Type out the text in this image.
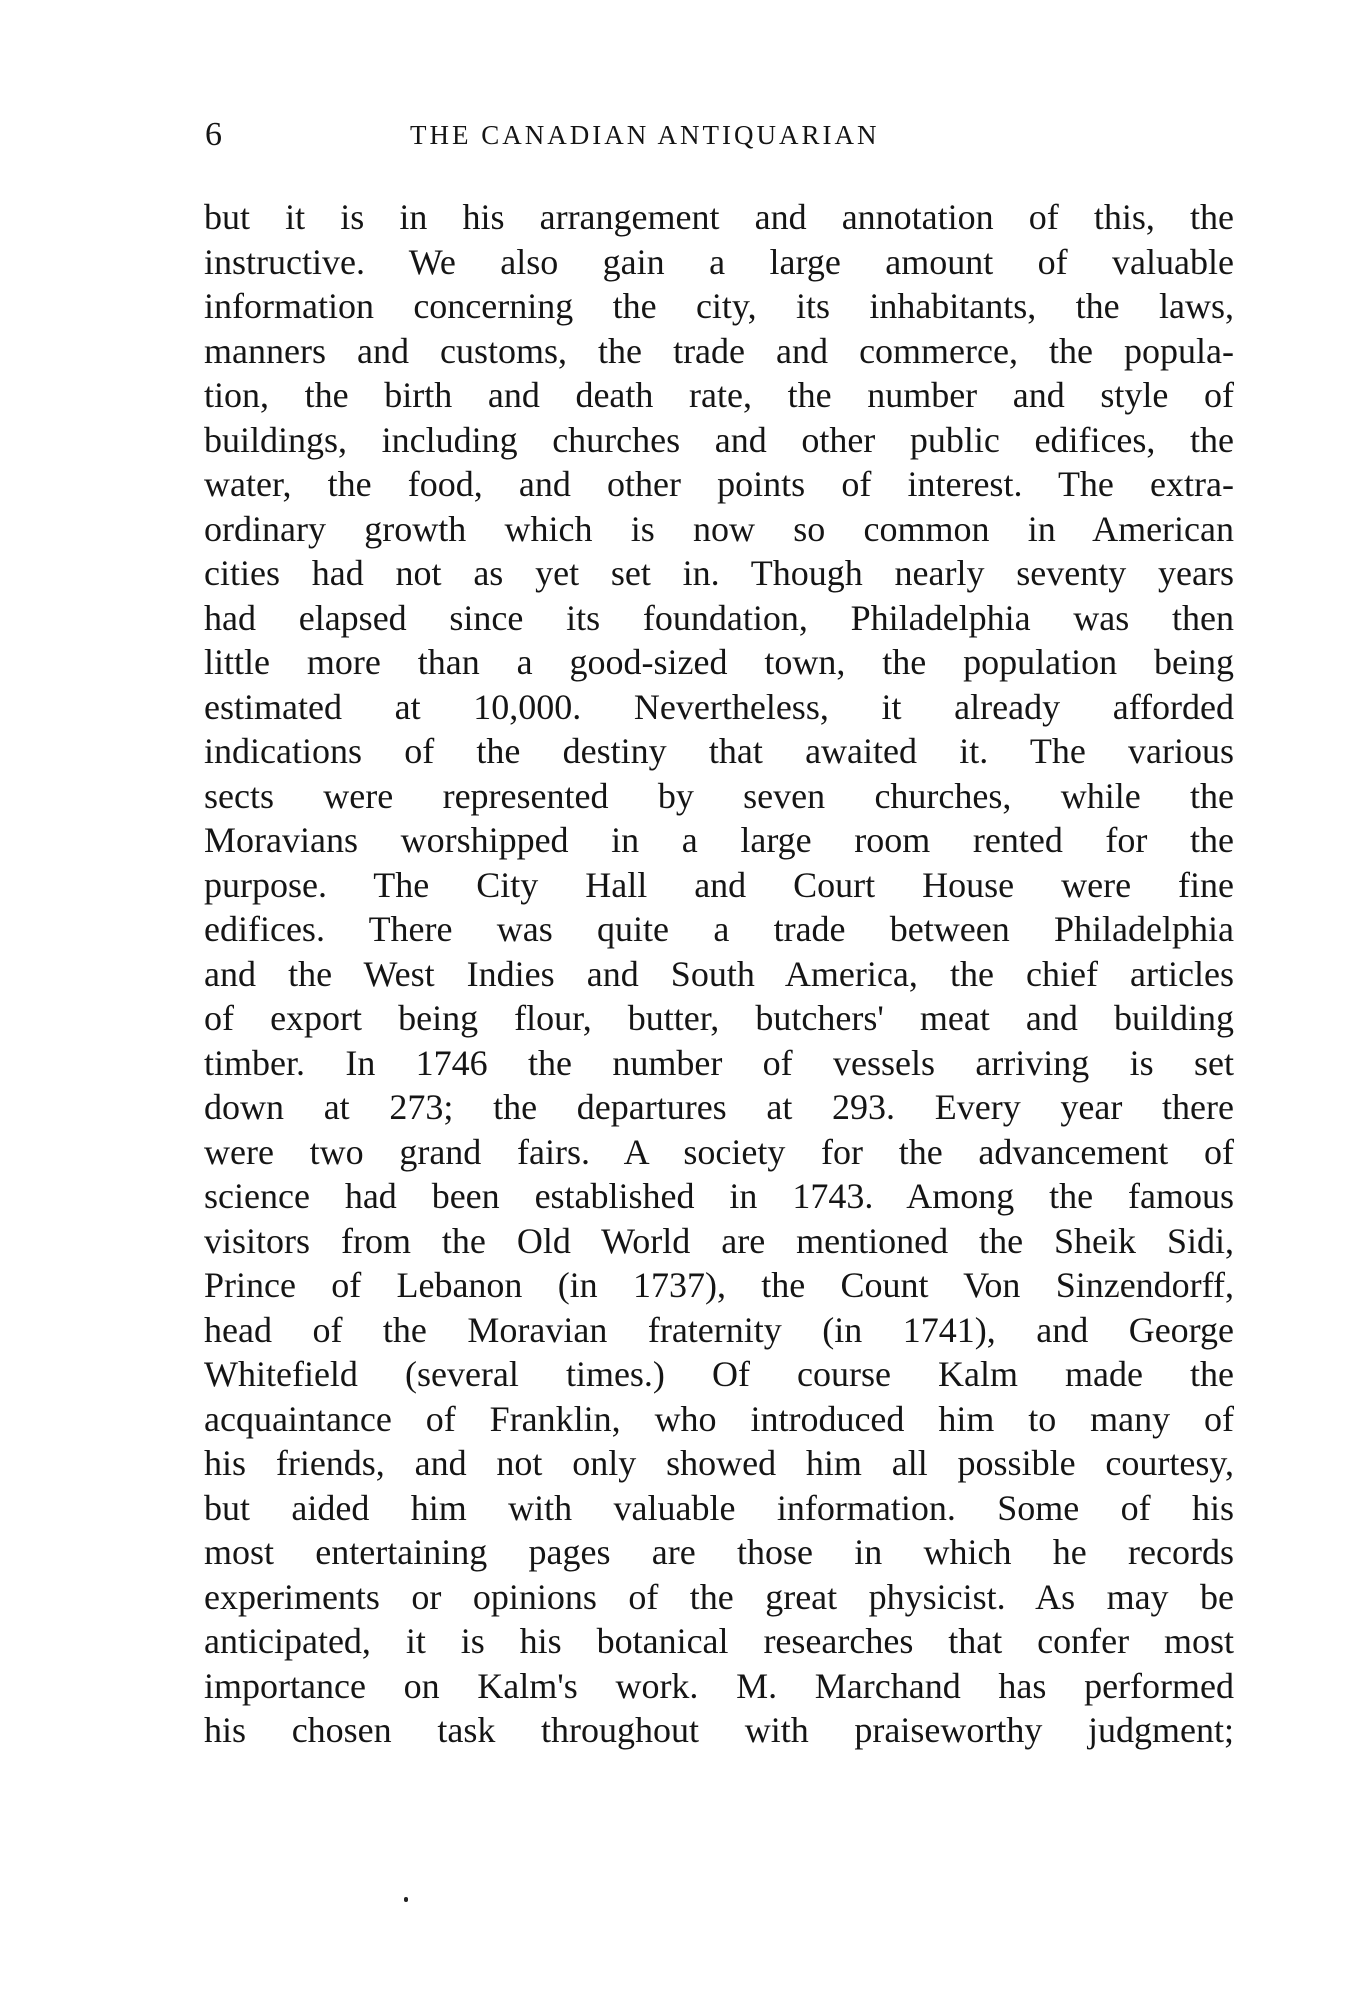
6	THE CANADIAN ANTIQUARIAN
but it is in his arrangement and annotation of this, the
instructive. We also gain a large amount of valuable
information concerning the city, its inhabitants, the laws,
manners and customs, the trade and commerce, the popula-
tion, the birth and death rate, the number and style of
buildings, including churches and other public edifices, the
water, the food, and other points of interest. The extra-
ordinary growth which is now so common in American
cities had not as yet set in. Though nearly seventy years
had elapsed since its foundation, Philadelphia was then
little more than a good-sized town, the population being
estimated at 10,000. Nevertheless, it already afforded
indications of the destiny that awaited it. The various
sects were represented by seven churches, while the
Moravians worshipped in a large room rented for the
purpose. The City Hall and Court House were fine
edifices. There was quite a trade between Philadelphia
and the West Indies and South America, the chief articles
of export being flour, butter, butchers' meat and building
timber. In 1746 the number of vessels arriving is set
down at 273; the departures at 293. Every year there
were two grand fairs. A society for the advancement of
science had been established in 1743. Among the famous
visitors from the Old World are mentioned the Sheik Sidi,
Prince of Lebanon (in 1737), the Count Von Sinzendorff,
head of the Moravian fraternity (in 1741), and George
Whitefield (several times.) Of course Kalm made the
acquaintance of Franklin, who introduced him to many of
his friends, and not only showed him all possible courtesy,
but aided him with valuable information. Some of his
most entertaining pages are those in which he records
experiments or opinions of the great physicist. As may be
anticipated, it is his botanical researches that confer most
importance on Kalm's work. M. Marchand has performed
his chosen task throughout with praiseworthy judgment;
